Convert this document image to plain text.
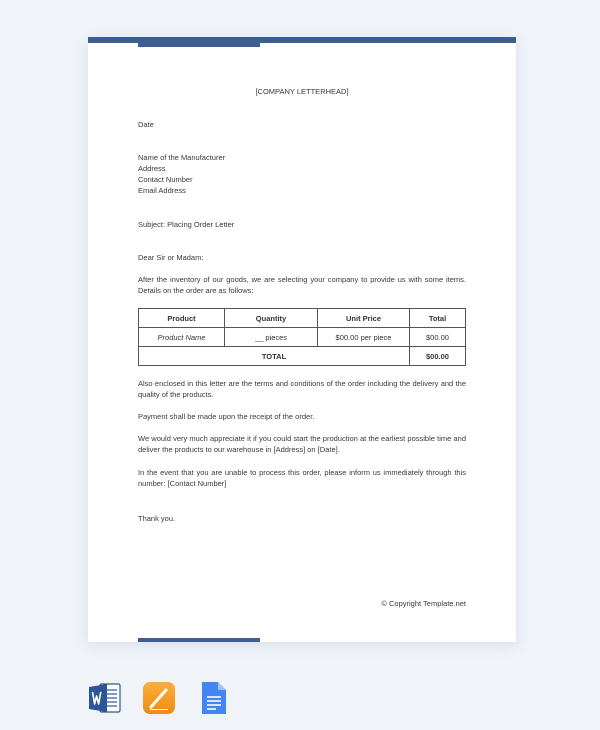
[COMPANY LETTERHEAD]
Date
Name of the Manufacturer
Address
Contact Number
Email Address
Subject: Placing Order Letter
Dear Sir or Madam:
After the inventory of our goods, we are selecting your company to provide us with some items. Details on the order are as follows:
Product	Quantity	Unit Price	Total
Product Name	__ pieces	$00.00 per piece	$00.00
TOTAL			$00.00
Also enclosed in this letter are the terms and conditions of the order including the delivery and the quality of the products.
Payment shall be made upon the receipt of the order.
We would very much appreciate it if you could start the production at the earliest possible time and deliver the products to our warehouse in [Address] on [Date].
In the event that you are unable to process this order, please inform us immediately through this number: [Contact Number]
Thank you.
© Copyright Template.net
